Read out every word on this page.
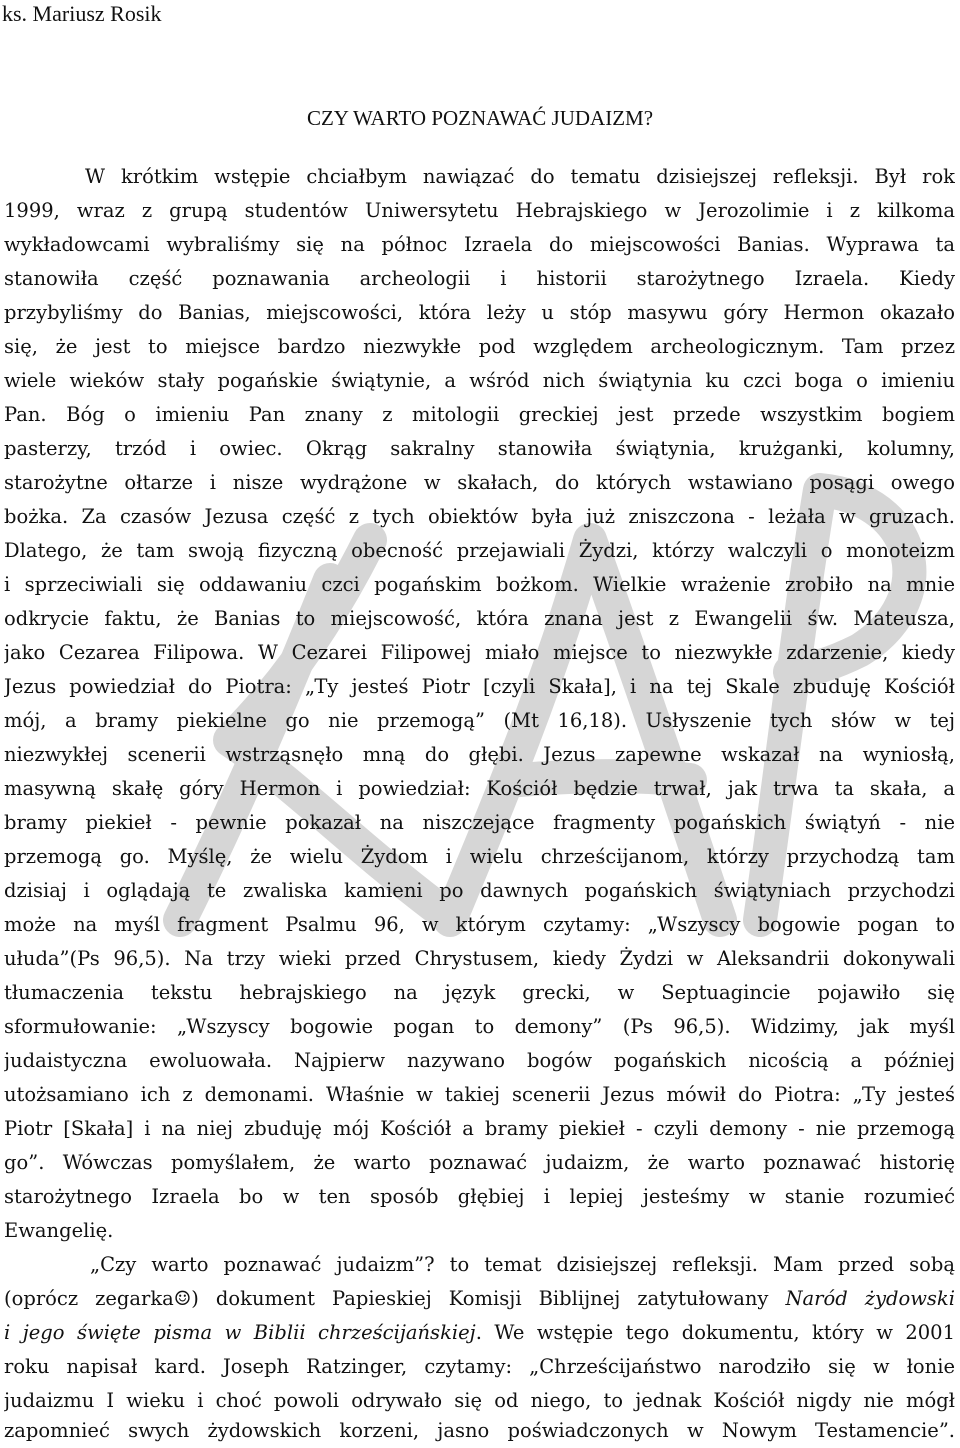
ks. Mariusz Rosik
CZY WARTO POZNAWAĆ JUDAIZM?
W krótkim wstępie chciałbym nawiązać do tematu dzisiejszej refleksji. Był rok
1999, wraz z grupą studentów Uniwersytetu Hebrajskiego w Jerozolimie i z kilkoma
wykładowcami wybraliśmy się na północ Izraela do miejscowości Banias. Wyprawa ta
stanowiła część poznawania archeologii i historii starożytnego Izraela. Kiedy
przybyliśmy do Banias, miejscowości, która leży u stóp masywu góry Hermon okazało
się, że jest to miejsce bardzo niezwykłe pod względem archeologicznym. Tam przez
wiele wieków stały pogańskie świątynie, a wśród nich świątynia ku czci boga o imieniu
Pan. Bóg o imieniu Pan znany z mitologii greckiej jest przede wszystkim bogiem
pasterzy, trzód i owiec. Okrąg sakralny stanowiła świątynia, krużganki, kolumny,
starożytne ołtarze i nisze wydrążone w skałach, do których wstawiano posągi owego
bożka. Za czasów Jezusa część z tych obiektów była już zniszczona - leżała w gruzach.
Dlatego, że tam swoją fizyczną obecność przejawiali Żydzi, którzy walczyli o monoteizm
i sprzeciwiali się oddawaniu czci pogańskim bożkom. Wielkie wrażenie zrobiło na mnie
odkrycie faktu, że Banias to miejscowość, która znana jest z Ewangelii św. Mateusza,
jako Cezarea Filipowa. W Cezarei Filipowej miało miejsce to niezwykłe zdarzenie, kiedy
Jezus powiedział do Piotra: „Ty jesteś Piotr [czyli Skała], i na tej Skale zbuduję Kościół
mój, a bramy piekielne go nie przemogą” (Mt 16,18). Usłyszenie tych słów w tej
niezwykłej scenerii wstrząsnęło mną do głębi. Jezus zapewne wskazał na wyniosłą,
masywną skałę góry Hermon i powiedział: Kościół będzie trwał, jak trwa ta skała, a
bramy piekieł - pewnie pokazał na niszczejące fragmenty pogańskich świątyń - nie
przemogą go. Myślę, że wielu Żydom i wielu chrześcijanom, którzy przychodzą tam
dzisiaj i oglądają te zwaliska kamieni po dawnych pogańskich świątyniach przychodzi
może na myśl fragment Psalmu 96, w którym czytamy: „Wszyscy bogowie pogan to
ułuda”(Ps 96,5). Na trzy wieki przed Chrystusem, kiedy Żydzi w Aleksandrii dokonywali
tłumaczenia tekstu hebrajskiego na język grecki, w Septuagincie pojawiło się
sformułowanie: „Wszyscy bogowie pogan to demony” (Ps 96,5). Widzimy, jak myśl
judaistyczna ewoluowała. Najpierw nazywano bogów pogańskich nicością a później
utożsamiano ich z demonami. Właśnie w takiej scenerii Jezus mówił do Piotra: „Ty jesteś
Piotr [Skała] i na niej zbuduję mój Kościół a bramy piekieł - czyli demony - nie przemogą
go”. Wówczas pomyślałem, że warto poznawać judaizm, że warto poznawać historię
starożytnego Izraela bo w ten sposób głębiej i lepiej jesteśmy w stanie rozumieć
Ewangelię.
„Czy warto poznawać judaizm”? to temat dzisiejszej refleksji. Mam przed sobą
(oprócz zegarka☺) dokument Papieskiej Komisji Biblijnej zatytułowany Naród żydowski
i jego święte pisma w Biblii chrześcijańskiej. We wstępie tego dokumentu, który w 2001
roku napisał kard. Joseph Ratzinger, czytamy: „Chrześcijaństwo narodziło się w łonie
judaizmu I wieku i choć powoli odrywało się od niego, to jednak Kościół nigdy nie mógł
zapomnieć swych żydowskich korzeni, jasno poświadczonych w Nowym Testamencie”.
